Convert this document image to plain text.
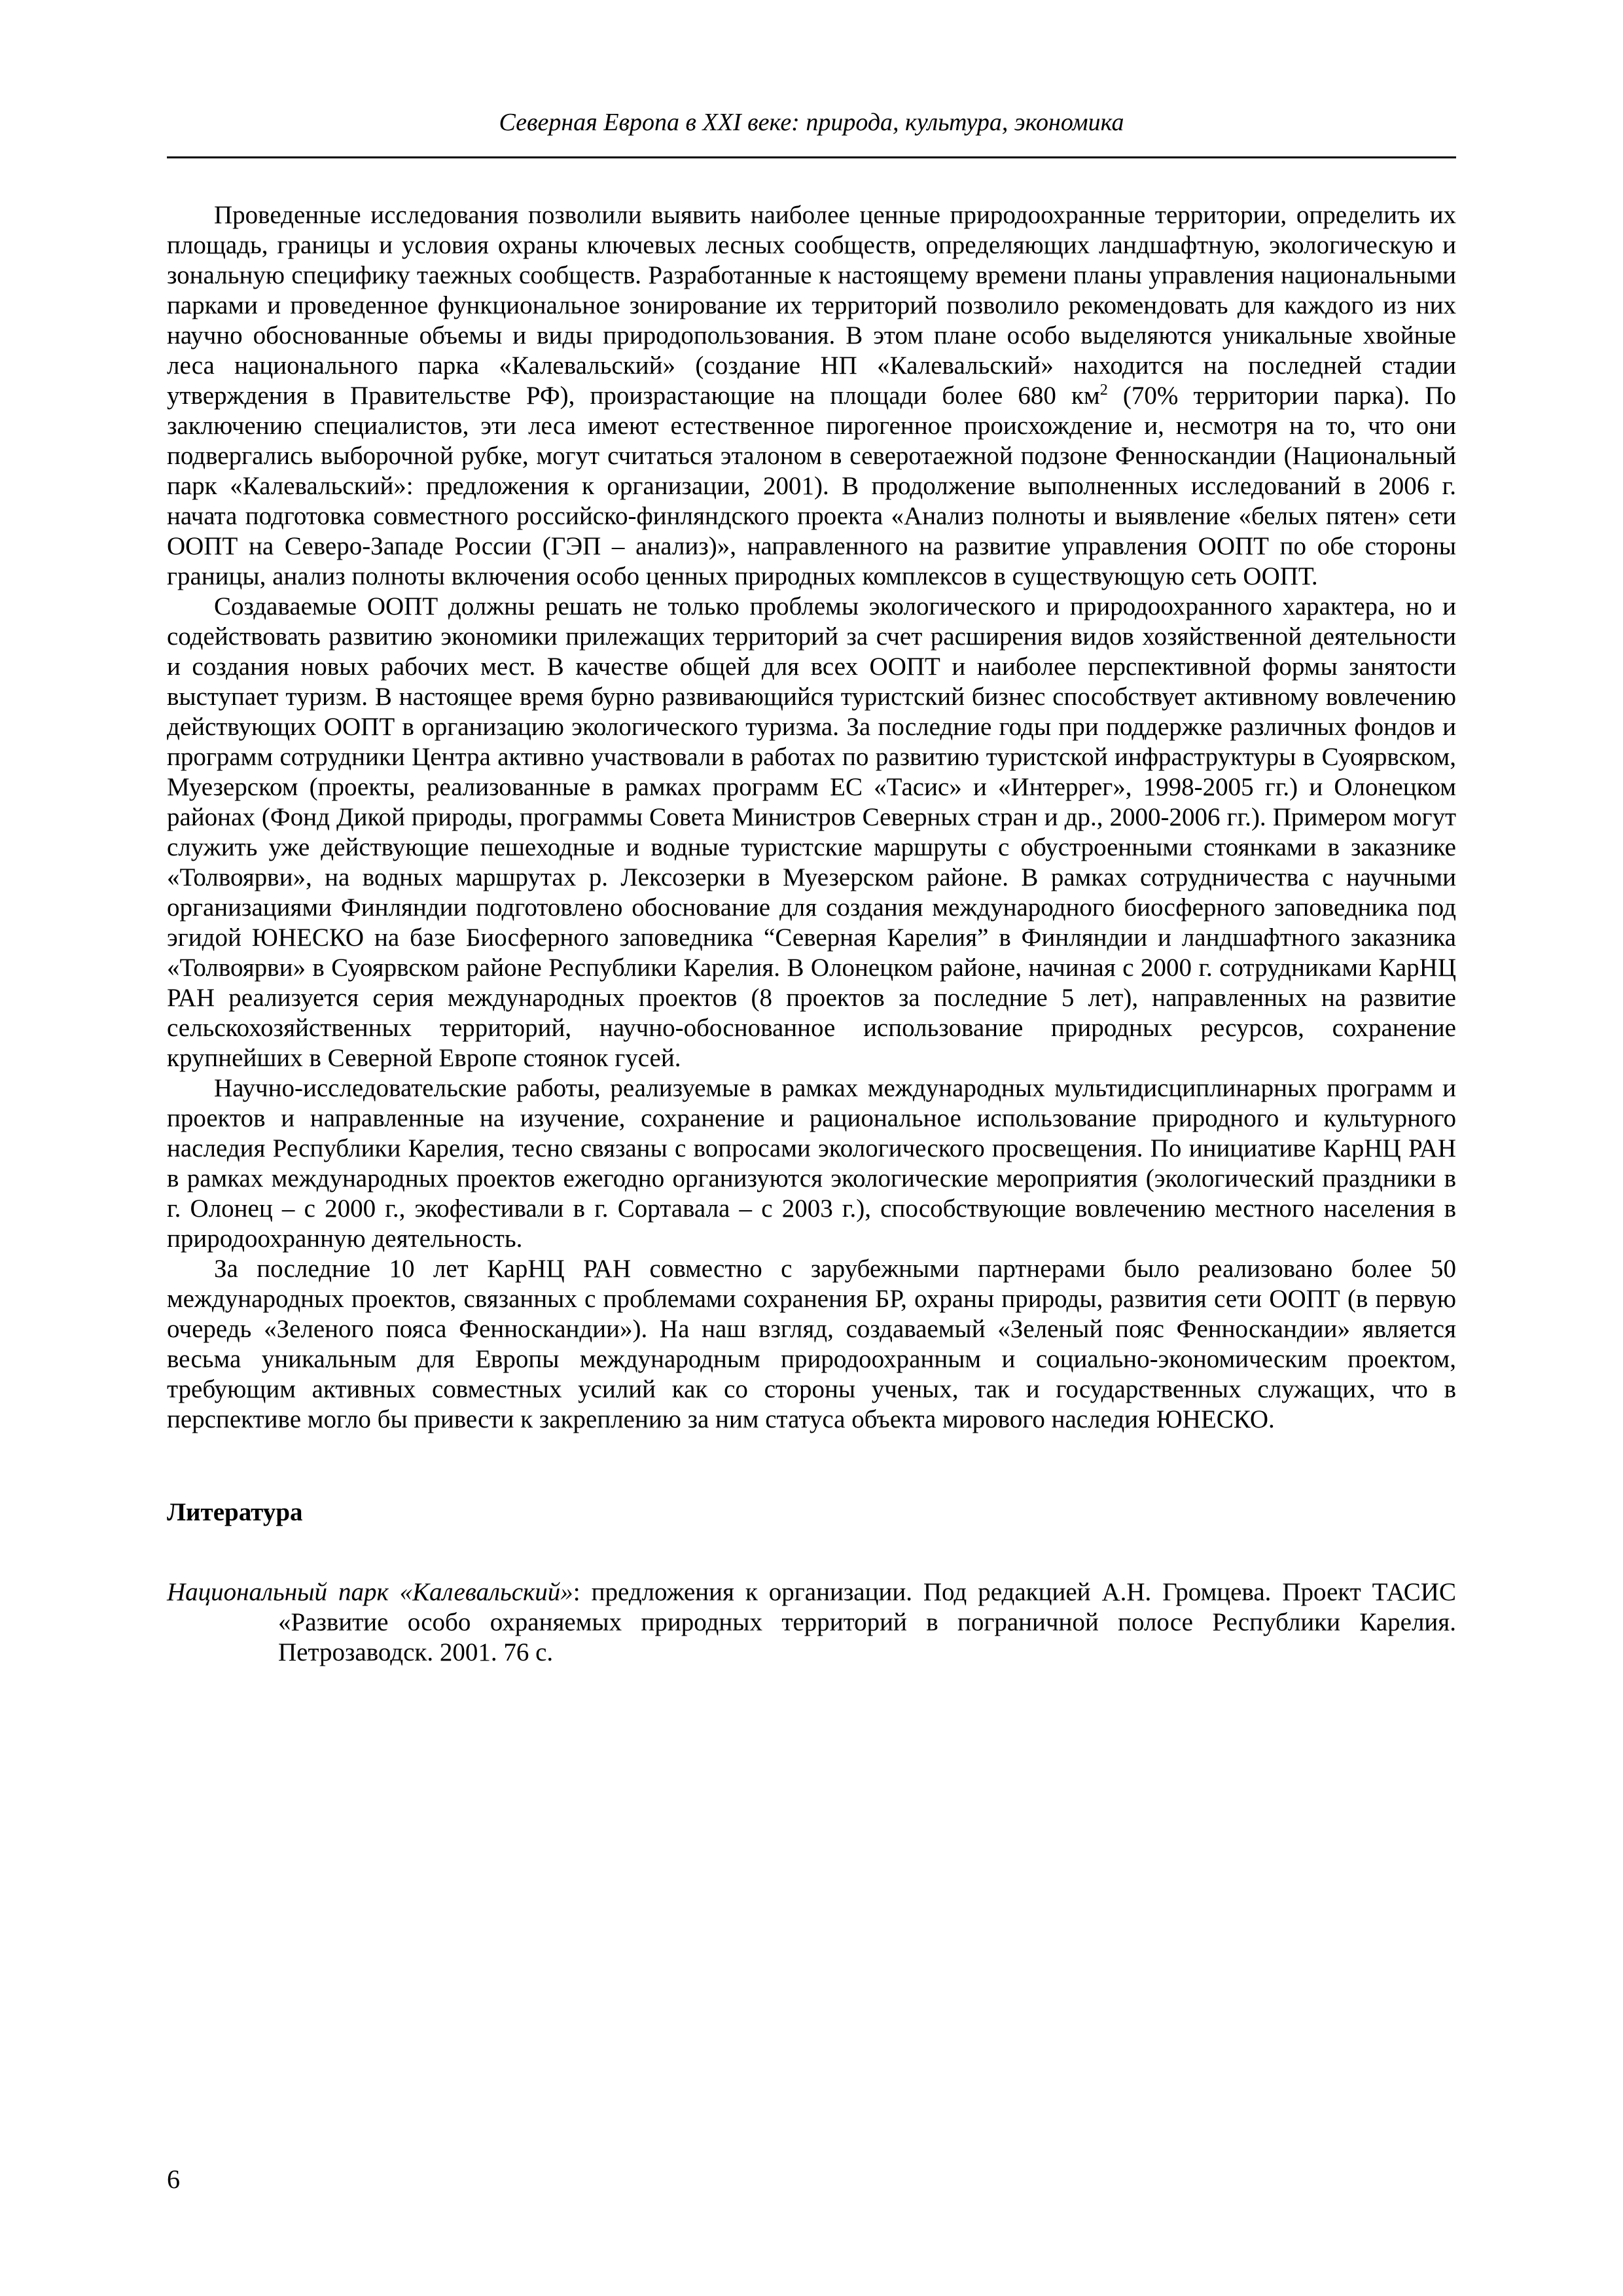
Северная Европа в XXI веке: природа, культура, экономика

Проведенные исследования позволили выявить наиболее ценные природоохранные территории, определить их площадь, границы и условия охраны ключевых лесных сообществ, определяющих ландшафтную, экологическую и зональную специфику таежных сообществ. Разработанные к настоящему времени планы управления национальными парками и проведенное функциональное зонирование их территорий позволило рекомендовать для каждого из них научно обоснованные объемы и виды природопользования. В этом плане особо выделяются уникальные хвойные леса национального парка «Калевальский» (создание НП «Калевальский» находится на последней стадии утверждения в Правительстве РФ), произрастающие на площади более 680 $км^2$ (70% территории парка). По заключению специалистов, эти леса имеют естественное пирогенное происхождение и, несмотря на то, что они подвергались выборочной рубке, могут считаться эталоном в северотаежной подзоне Фенноскандии (Национальный парк «Калевальский»: предложения к организации, 2001). В продолжение выполненных исследований в 2006 г. начата подготовка совместного российско-финляндского проекта «Анализ полноты и выявление «белых пятен» сети ООПТ на Северо-Западе России (ГЭП – анализ)», направленного на развитие управления ООПТ по обе стороны границы, анализ полноты включения особо ценных природных комплексов в существующую сеть ООПТ.

Создаваемые ООПТ должны решать не только проблемы экологического и природоохранного характера, но и содействовать развитию экономики прилежащих территорий за счет расширения видов хозяйственной деятельности и создания новых рабочих мест. В качестве общей для всех ООПТ и наиболее перспективной формы занятости выступает туризм. В настоящее время бурно развивающийся туристский бизнес способствует активному вовлечению действующих ООПТ в организацию экологического туризма. За последние годы при поддержке различных фондов и программ сотрудники Центра активно участвовали в работах по развитию туристской инфраструктуры в Суоярвском, Муезерском (проекты, реализованные в рамках программ ЕС «Тасис» и «Интеррег», 1998-2005 гг.) и Олонецком районах (Фонд Дикой природы, программы Совета Министров Северных стран и др., 2000-2006 гг.). Примером могут служить уже действующие пешеходные и водные туристские маршруты с обустроенными стоянками в заказнике «Толвоярви», на водных маршрутах р. Лексозерки в Муезерском районе. В рамках сотрудничества с научными организациями Финляндии подготовлено обоснование для создания международного биосферного заповедника под эгидой ЮНЕСКО на базе Биосферного заповедника “Северная Карелия” в Финляндии и ландшафтного заказника «Толвоярви» в Суоярвском районе Республики Карелия. В Олонецком районе, начиная с 2000 г. сотрудниками КарНЦ РАН реализуется серия международных проектов (8 проектов за последние 5 лет), направленных на развитие сельскохозяйственных территорий, научно-обоснованное использование природных ресурсов, сохранение крупнейших в Северной Европе стоянок гусей.

Научно-исследовательские работы, реализуемые в рамках международных мультидисциплинарных программ и проектов и направленные на изучение, сохранение и рациональное использование природного и культурного наследия Республики Карелия, тесно связаны с вопросами экологического просвещения. По инициативе КарНЦ РАН в рамках международных проектов ежегодно организуются экологические мероприятия (экологический праздники в г. Олонец – с 2000 г., экофестивали в г. Сортавала – с 2003 г.), способствующие вовлечению местного населения в природоохранную деятельность.

За последние 10 лет КарНЦ РАН совместно с зарубежными партнерами было реализовано более 50 международных проектов, связанных с проблемами сохранения БР, охраны природы, развития сети ООПТ (в первую очередь «Зеленого пояса Фенноскандии»). На наш взгляд, создаваемый «Зеленый пояс Фенноскандии» является весьма уникальным для Европы международным природоохранным и социально-экономическим проектом, требующим активных совместных усилий как со стороны ученых, так и государственных служащих, что в перспективе могло бы привести к закреплению за ним статуса объекта мирового наследия ЮНЕСКО.

Литература

Национальный парк «Калевальский»: предложения к организации. Под редакцией А.Н. Громцева. Проект ТАСИС «Развитие особо охраняемых природных территорий в пограничной полосе Республики Карелия. Петрозаводск. 2001. 76 с.

6
